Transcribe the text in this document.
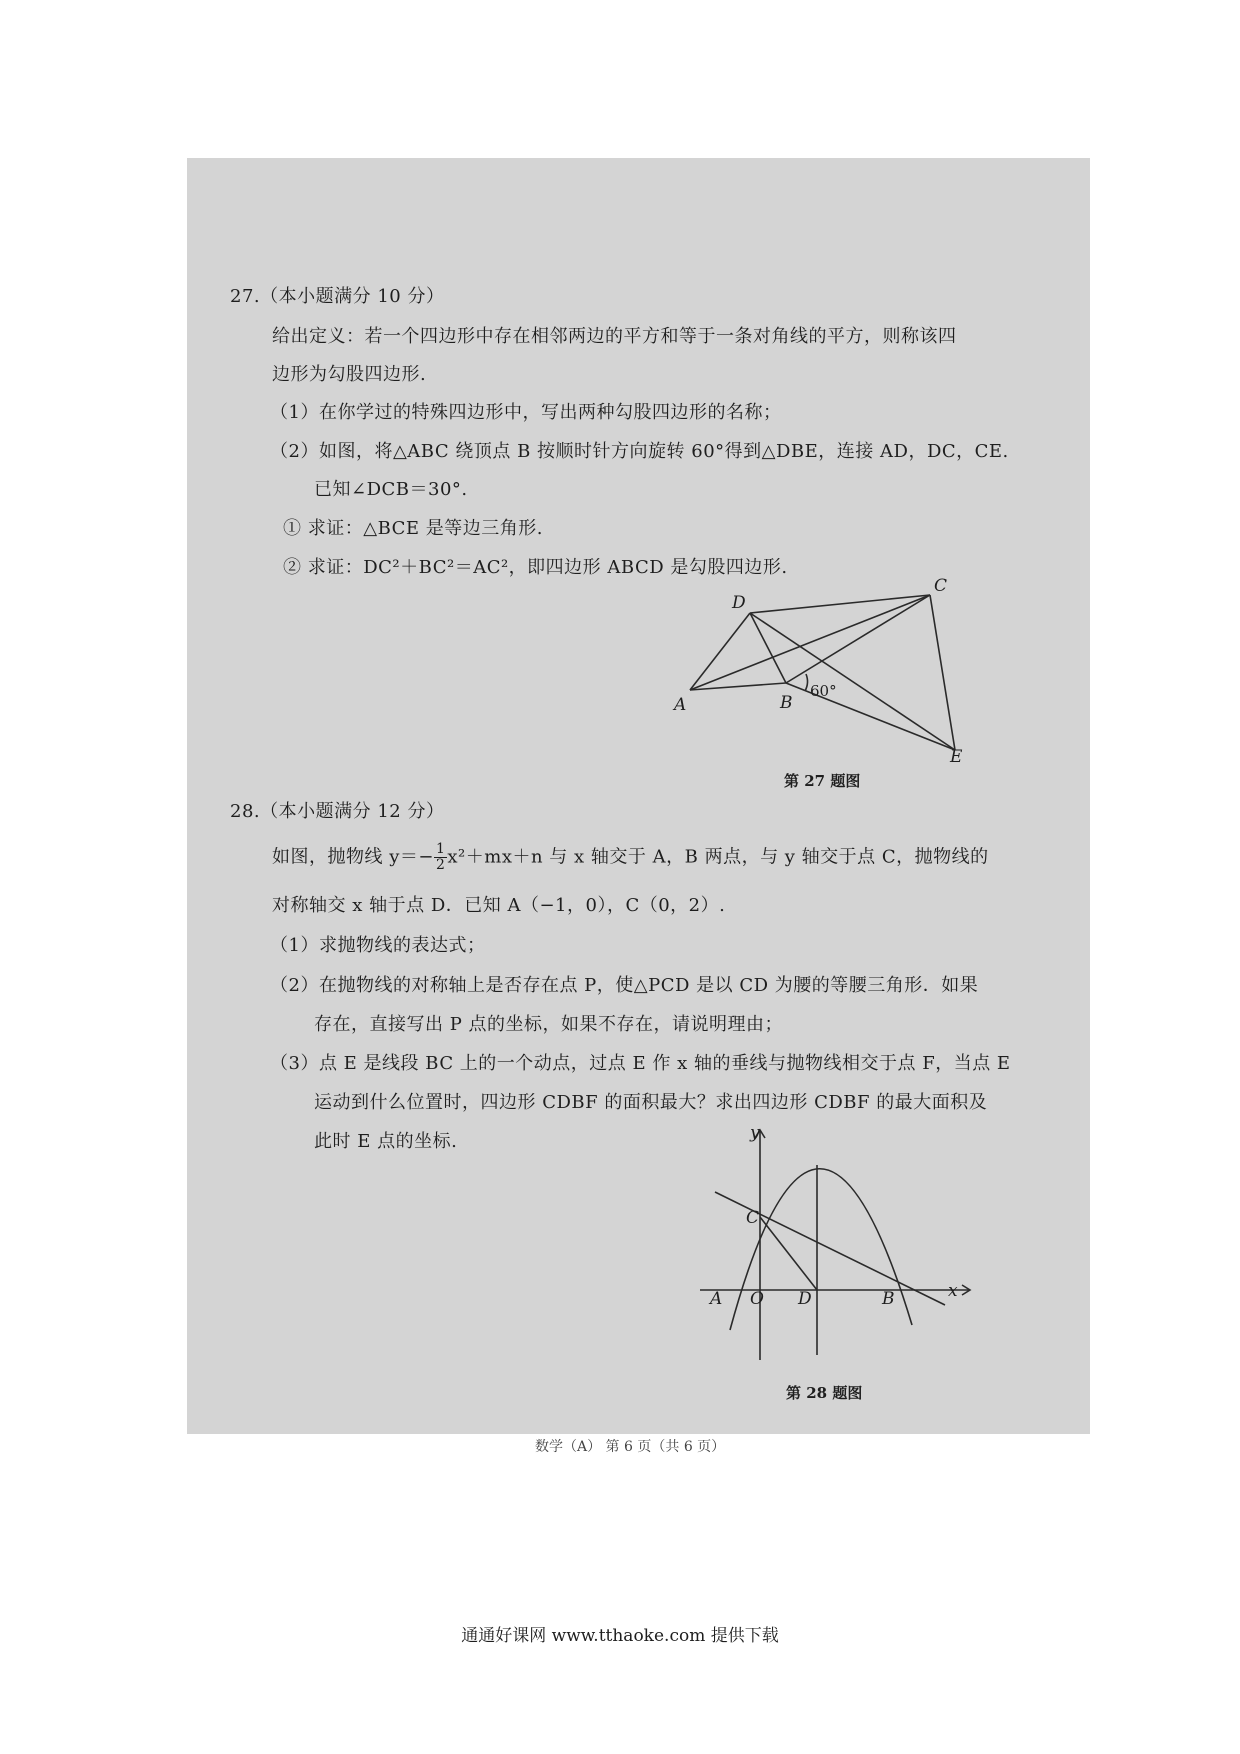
27.（本小题满分 10 分）
给出定义：若一个四边形中存在相邻两边的平方和等于一条对角线的平方，则称该四
边形为勾股四边形.
（1）在你学过的特殊四边形中，写出两种勾股四边形的名称；
（2）如图，将△ABC 绕顶点 B 按顺时针方向旋转 60°得到△DBE，连接 AD，DC，CE.
已知∠DCB＝30°.
① 求证：△BCE 是等边三角形.
② 求证：DC²＋BC²＝AC²，即四边形 ABCD 是勾股四边形.
A	B
C
D
E
60°
第 27 题图
28.（本小题满分 12 分）
如图，抛物线 $y=- \frac{1}{2} x^2+mx+n$ 与 x 轴交于 A，B 两点，与 y 轴交于点 C，抛物线的
对称轴交 x 轴于点 D．已知 A（−1，0），C（0，2）.
（1）求抛物线的表达式；
（2）在抛物线的对称轴上是否存在点 P，使△PCD 是以 CD 为腰的等腰三角形．如果
存在，直接写出 P 点的坐标，如果不存在，请说明理由；
（3）点 E 是线段 BC 上的一个动点，过点 E 作 x 轴的垂线与抛物线相交于点 F，当点 E
运动到什么位置时，四边形 CDBF 的面积最大？求出四边形 CDBF 的最大面积及
此时 E 点的坐标.	y
x
C
A O D	B
第 28 题图
数学（A） 第 6 页（共 6 页）
通通好课网 www.tthaoke.com 提供下载
